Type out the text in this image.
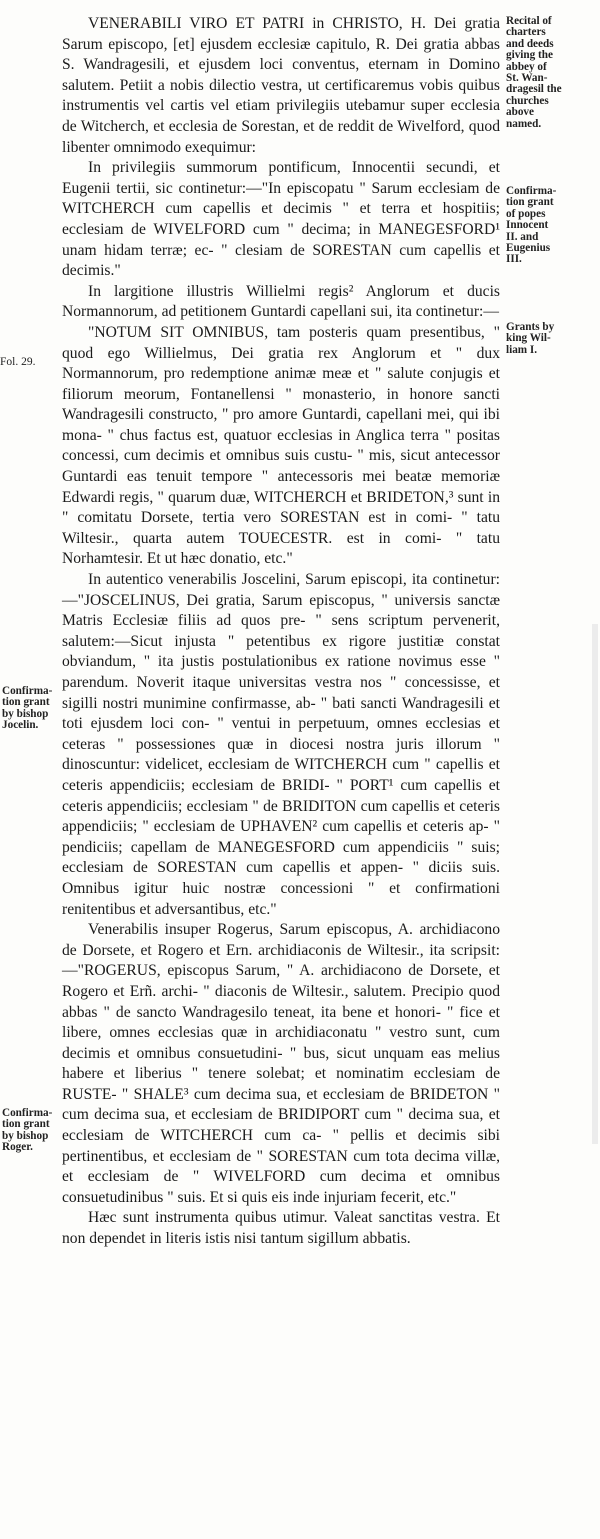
VENERABILI VIRO ET PATRI in CHRISTO, H. Dei gratia Sarum episcopo, [et] ejusdem ecclesiæ capitulo, R. Dei gratia abbas S. Wandragesili, et ejusdem loci conventus, eternam in Domino salutem. Petiit a nobis dilectio vestra, ut certificaremus vobis quibus instrumentis vel cartis vel etiam privilegiis utebamur super ecclesia de Witcherch, et ecclesia de Sorestan, et de reddit de Wivelford, quod libenter omnimodo exequimur:

In privilegiis summorum pontificum, Innocentii secundi, et Eugenii tertii, sic continetur:—"In episcopatu " Sarum ecclesiam de WITCHERCH cum capellis et decimis " et terra et hospitiis; ecclesiam de WIVELFORD cum " decima; in MANEGESFORD¹ unam hidam terræ; ec- " clesiam de SORESTAN cum capellis et decimis."

In largitione illustris Willielmi regis² Anglorum et ducis Normannorum, ad petitionem Guntardi capellani sui, ita continetur:—

"NOTUM SIT OMNIBUS, tam posteris quam presentibus, " quod ego Willielmus, Dei gratia rex Anglorum et " dux Normannorum, pro redemptione animæ meæ et " salute conjugis et filiorum meorum, Fontanellensi " monasterio, in honore sancti Wandragesili constructo, " pro amore Guntardi, capellani mei, qui ibi mona- " chus factus est, quatuor ecclesias in Anglica terra " positas concessi, cum decimis et omnibus suis custu- " mis, sicut antecessor Guntardi eas tenuit tempore " antecessoris mei beatæ memoriæ Edwardi regis, " quarum duæ, WITCHERCH et BRIDETON,³ sunt in " comitatu Dorsete, tertia vero SORESTAN est in comi- " tatu Wiltesir., quarta autem TOUECESTR. est in comi- " tatu Norhamtesir. Et ut hæc donatio, etc."

In autentico venerabilis Joscelini, Sarum episcopi, ita continetur:—"JOSCELINUS, Dei gratia, Sarum episcopus, " universis sanctæ Matris Ecclesiæ filiis ad quos pre- " sens scriptum pervenerit, salutem:—Sicut injusta " petentibus ex rigore justitiæ constat obviandum, " ita justis postulationibus ex ratione novimus esse " parendum. Noverit itaque universitas vestra nos " concessisse, et sigilli nostri munimine confirmasse, ab- " bati sancti Wandragesili et toti ejusdem loci con- " ventui in perpetuum, omnes ecclesias et ceteras " possessiones quæ in diocesi nostra juris illorum " dinoscuntur: videlicet, ecclesiam de WITCHERCH cum " capellis et ceteris appendiciis; ecclesiam de BRIDI- " PORT¹ cum capellis et ceteris appendiciis; ecclesiam " de BRIDITON cum capellis et ceteris appendiciis; " ecclesiam de UPHAVEN² cum capellis et ceteris ap- " pendiciis; capellam de MANEGESFORD cum appendiciis " suis; ecclesiam de SORESTAN cum capellis et appen- " diciis suis. Omnibus igitur huic nostræ concessioni " et confirmationi renitentibus et adversantibus, etc."

Venerabilis insuper Rogerus, Sarum episcopus, A. archidiacono de Dorsete, et Rogero et Ern. archidiaconis de Wiltesir., ita scripsit:—"ROGERUS, episcopus Sarum, " A. archidiacono de Dorsete, et Rogero et Erñ. archi- " diaconis de Wiltesir., salutem. Precipio quod abbas " de sancto Wandragesilo teneat, ita bene et honori- " fice et libere, omnes ecclesias quæ in archidiaconatu " vestro sunt, cum decimis et omnibus consuetudini- " bus, sicut unquam eas melius habere et liberius " tenere solebat; et nominatim ecclesiam de RUSTE- " SHALE³ cum decima sua, et ecclesiam de BRIDETON " cum decima sua, et ecclesiam de BRIDIPORT cum " decima sua, et ecclesiam de WITCHERCH cum ca- " pellis et decimis sibi pertinentibus, et ecclesiam de " SORESTAN cum tota decima villæ, et ecclesiam de " WIVELFORD cum decima et omnibus consuetudinibus " suis. Et si quis eis inde injuriam fecerit, etc."

Hæc sunt instrumenta quibus utimur. Valeat sanctitas vestra. Et non dependet in literis istis nisi tantum sigillum abbatis.

Recital of
charters
and deeds
giving the
abbey of
St. Wan-
dragesil the
churches
above
named.
Confirma-
tion grant
of popes
Innocent
II. and
Eugenius
III.
Grants by
king Wil-
liam I.
Fol. 29.
Confirma-
tion grant
by bishop
Jocelin.
Confirma-
tion grant
by bishop
Roger.
